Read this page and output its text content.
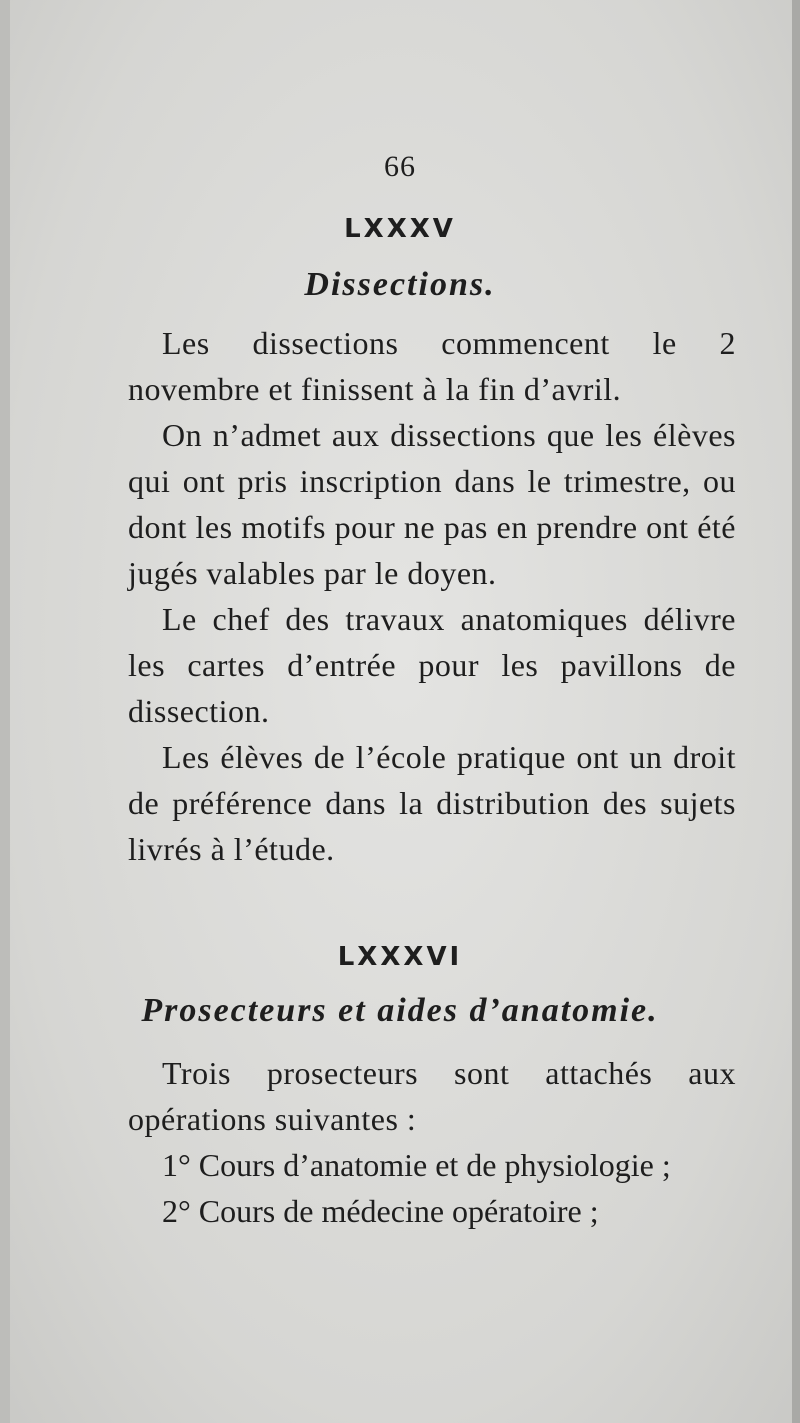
66
LXXXV
Dissections.

Les dissections commencent le 2 novembre et finissent à la fin d’avril.

On n’admet aux dissections que les élèves qui ont pris inscription dans le trimestre, ou dont les motifs pour ne pas en prendre ont été jugés valables par le doyen.

Le chef des travaux anatomiques délivre les cartes d’entrée pour les pavillons de dissection.

Les élèves de l’école pratique ont un droit de préférence dans la distribution des sujets livrés à l’étude.

LXXXVI
Prosecteurs et aides d’anatomie.

Trois prosecteurs sont attachés aux opérations suivantes :

1° Cours d’anatomie et de physiologie ;
2° Cours de médecine opératoire ;
